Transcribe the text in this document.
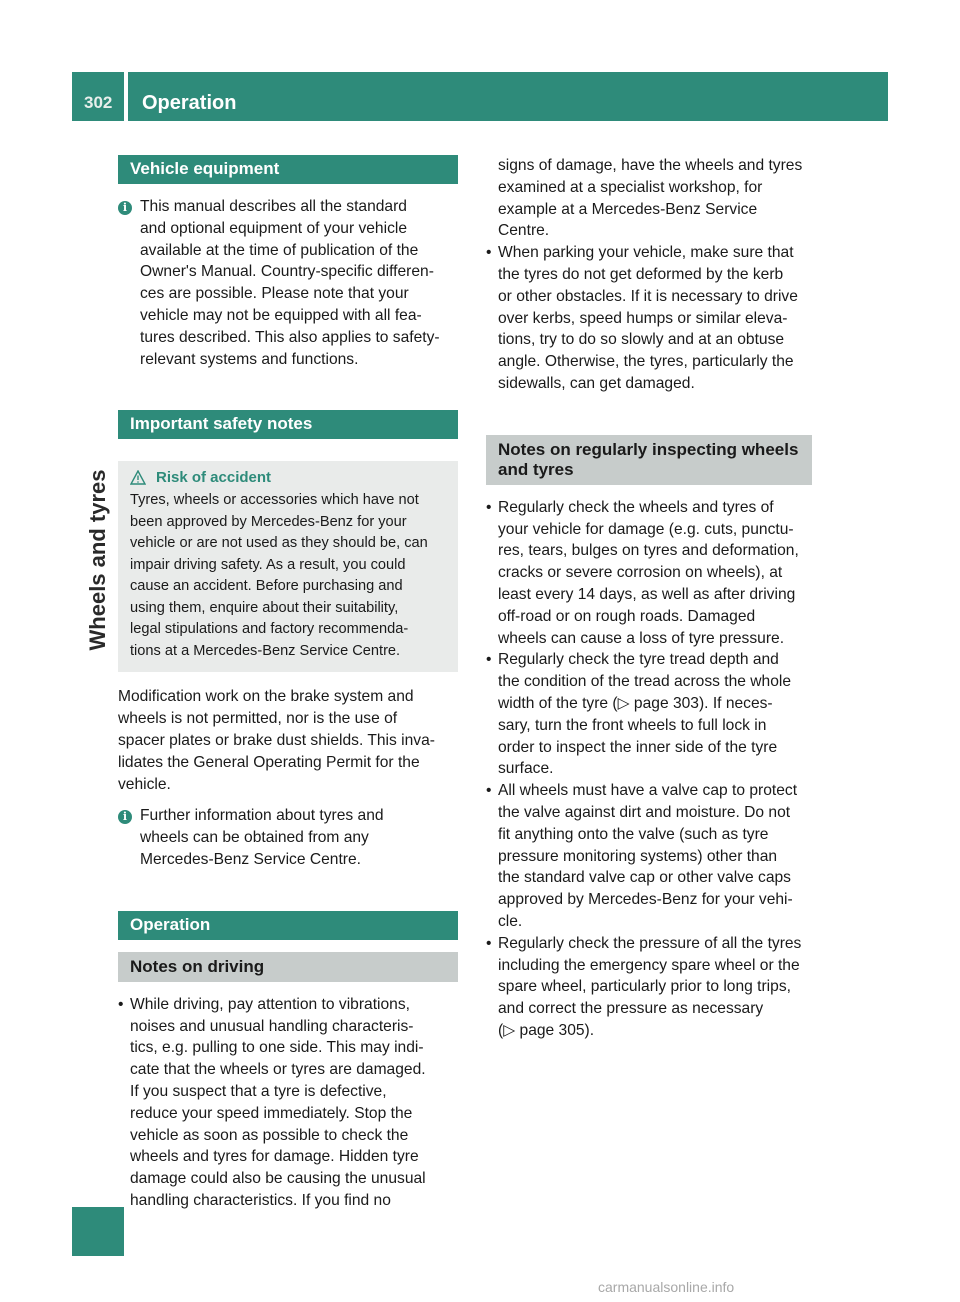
302	Operation
Wheels and tyres
Vehicle equipment
i This manual describes all the standard

and optional equipment of your vehicle

available at the time of publication of the

Owner's Manual. Country-specific differen-

ces are possible. Please note that your

vehicle may not be equipped with all fea-

tures described. This also applies to safety-

relevant systems and functions.

Important safety notes
Risk of accident

Tyres, wheels or accessories which have not

been approved by Mercedes-Benz for your

vehicle or are not used as they should be, can

impair driving safety. As a result, you could

cause an accident. Before purchasing and

using them, enquire about their suitability,

legal stipulations and factory recommenda-

tions at a Mercedes-Benz Service Centre.

Modification work on the brake system and

wheels is not permitted, nor is the use of

spacer plates or brake dust shields. This inva-

lidates the General Operating Permit for the

vehicle.

i Further information about tyres and

wheels can be obtained from any

Mercedes-Benz Service Centre.

Operation
Notes on driving
• While driving, pay attention to vibrations,

noises and unusual handling characteris-

tics, e.g. pulling to one side. This may indi-

cate that the wheels or tyres are damaged.

If you suspect that a tyre is defective,

reduce your speed immediately. Stop the

vehicle as soon as possible to check the

wheels and tyres for damage. Hidden tyre

damage could also be causing the unusual

handling characteristics. If you find no

signs of damage, have the wheels and tyres

examined at a specialist workshop, for

example at a Mercedes-Benz Service

Centre.

• When parking your vehicle, make sure that

the tyres do not get deformed by the kerb

or other obstacles. If it is necessary to drive

over kerbs, speed humps or similar eleva-

tions, try to do so slowly and at an obtuse

angle. Otherwise, the tyres, particularly the

sidewalls, can get damaged.

Notes on regularly inspecting wheels
and tyres
• Regularly check the wheels and tyres of

your vehicle for damage (e.g. cuts, punctu-

res, tears, bulges on tyres and deformation,

cracks or severe corrosion on wheels), at

least every 14 days, as well as after driving

off-road or on rough roads. Damaged

wheels can cause a loss of tyre pressure.

• Regularly check the tyre tread depth and

the condition of the tread across the whole

width of the tyre (▷ page 303). If neces-

sary, turn the front wheels to full lock in

order to inspect the inner side of the tyre

surface.

• All wheels must have a valve cap to protect

the valve against dirt and moisture. Do not

fit anything onto the valve (such as tyre

pressure monitoring systems) other than

the standard valve cap or other valve caps

approved by Mercedes-Benz for your vehi-

cle.

• Regularly check the pressure of all the tyres

including the emergency spare wheel or the

spare wheel, particularly prior to long trips,

and correct the pressure as necessary

(▷ page 305).

carmanualsonline.info
